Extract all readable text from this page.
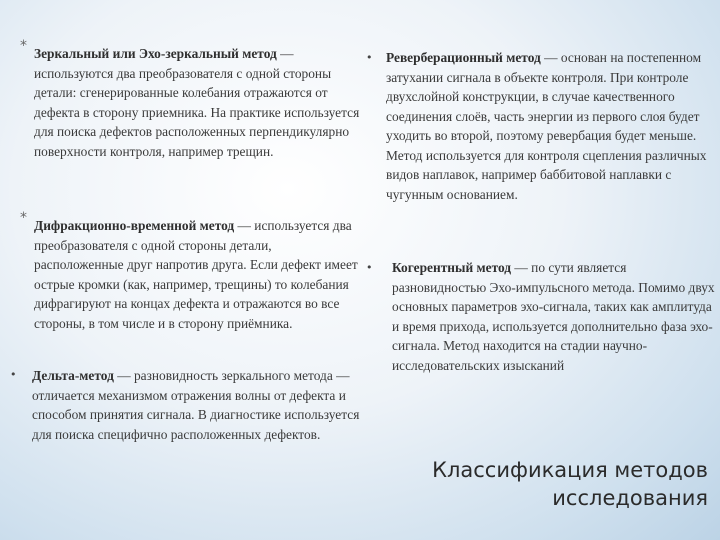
* Зеркальный или Эхо-зеркальный метод — используются два преобразователя с одной стороны детали: сгенерированные колебания отражаются от дефекта в сторону приемника. На практике используется для поиска дефектов расположенных перпендикулярно поверхности контроля, например трещин.
* Дифракционно-временной метод — используется два преобразователя с одной стороны детали, расположенные друг напротив друга. Если дефект имеет острые кромки (как, например, трещины) то колебания дифрагируют на концах дефекта и отражаются во все стороны, в том числе и в сторону приёмника.
• Дельта-метод — разновидность зеркального метода — отличается механизмом отражения волны от дефекта и способом принятия сигнала. В диагностике используется для поиска специфично расположенных дефектов.
• Реверберационный метод — основан на постепенном затухании сигнала в объекте контроля. При контроле двухслойной конструкции, в случае качественного соединения слоёв, часть энергии из первого слоя будет уходить во второй, поэтому ревербация будет меньше. Метод используется для контроля сцепления различных видов наплавок, например баббитовой наплавки с чугунным основанием.
• Когерентный метод — по сути является разновидностью Эхо-импульсного метода. Помимо двух основных параметров эхо-сигнала, таких как амплитуда и время прихода, используется дополнительно фаза эхо-сигнала. Метод находится на стадии научно-исследовательских изысканий
Классификация методов исследования
